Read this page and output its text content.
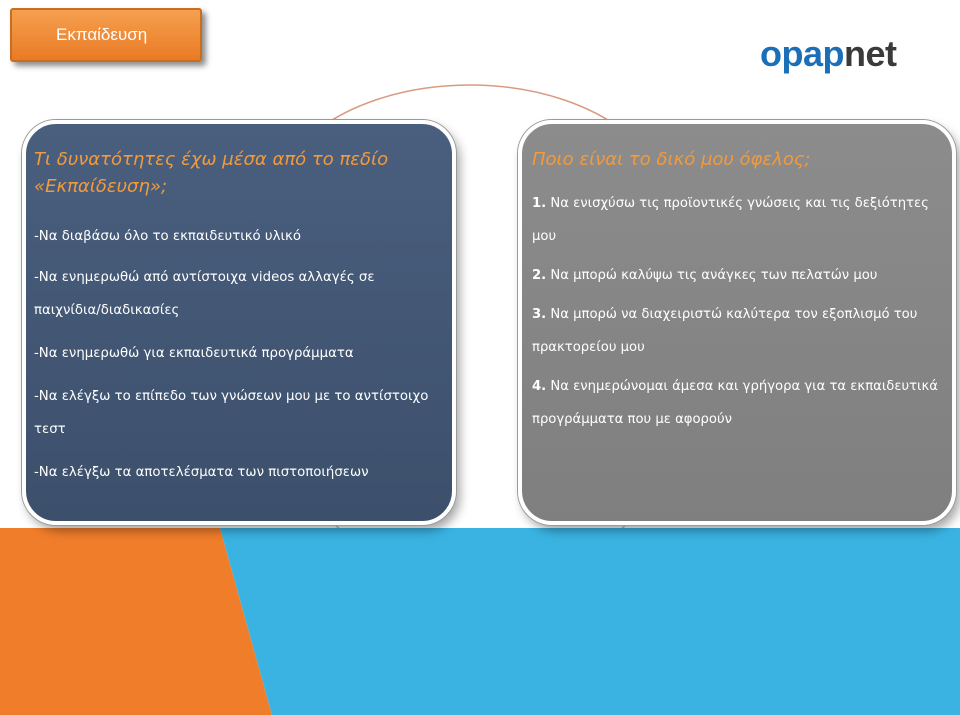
Εκπαίδευση	opapnet

Τι δυνατότητες έχω μέσα από το πεδίο «Εκπαίδευση»;

-Να διαβάσω όλο το εκπαιδευτικό υλικό

-Να ενημερωθώ από αντίστοιχα videos αλλαγές σε παιχνίδια/διαδικασίες

-Να ενημερωθώ για εκπαιδευτικά προγράμματα

-Να ελέγξω το επίπεδο των γνώσεων μου με το αντίστοιχο τεστ

-Να ελέγξω τα αποτελέσματα των πιστοποιήσεων

Ποιο είναι το δικό μου όφελος;

1. Να ενισχύσω τις προϊοντικές γνώσεις και τις δεξιότητες μου

2. Να μπορώ καλύψω τις ανάγκες των πελατών μου

3. Να μπορώ να διαχειριστώ καλύτερα τον εξοπλισμό του πρακτορείου μου

4. Να ενημερώνομαι άμεσα και γρήγορα για τα εκπαιδευτικά προγράμματα που με αφορούν
